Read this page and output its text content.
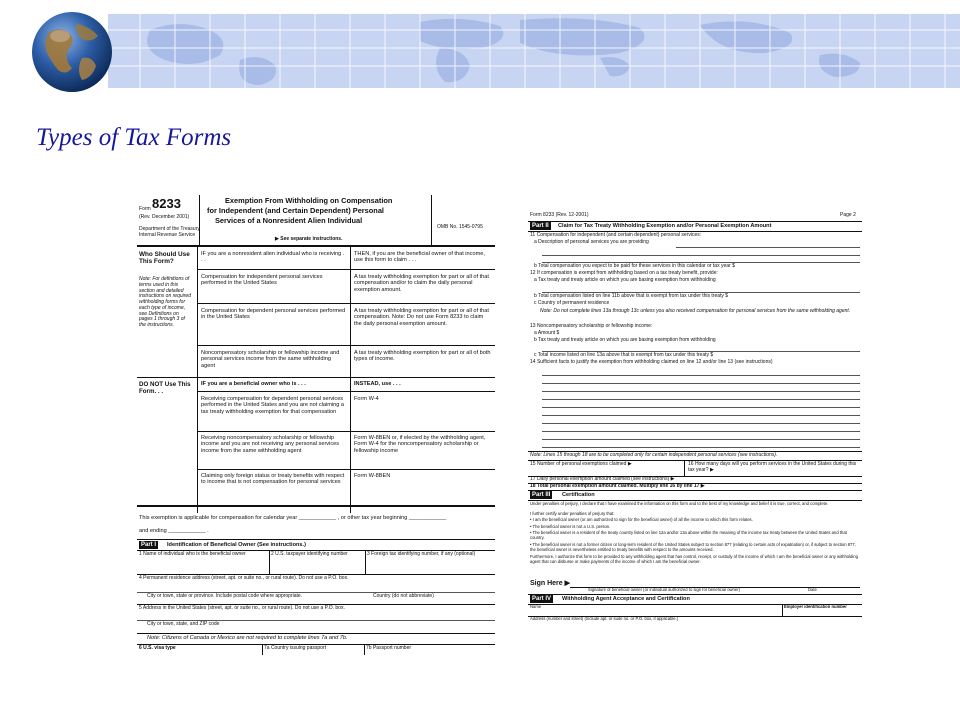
Types of Tax Forms
Form 8233
(Rev. December 2001)
Department of the Treasury
Internal Revenue Service
Exemption From Withholding on Compensation
for Independent (and Certain Dependent) Personal
Services of a Nonresident Alien Individual
▶ See separate instructions.
OMB No. 1545-0795
Who Should Use This Form?
Note: For definitions of terms used in this section and detailed instructions on required withholding forms for each type of income, see Definitions on pages 1 through 3 of the instructions.
IF you are a nonresident alien individual who is receiving . . .
THEN, if you are the beneficial owner of that income, use this form to claim . . .
Compensation for independent personal services performed in the United States
A tax treaty withholding exemption for part or all of that compensation and/or to claim the daily personal exemption amount.
Compensation for dependent personal services performed in the United States
A tax treaty withholding exemption for part or all of that compensation. Note: Do not use Form 8233 to claim the daily personal exemption amount.
Noncompensatory scholarship or fellowship income and personal services income from the same withholding agent
A tax treaty withholding exemption for part or all of both types of income.
DO NOT Use This Form. . .
IF you are a beneficial owner who is . . .	INSTEAD, use . . .
Receiving compensation for dependent personal services performed in the United States and you are not claiming a tax treaty withholding exemption for that compensation
Form W-4
Receiving noncompensatory scholarship or fellowship income and you are not receiving any personal services income from the same withholding agent
Form W-8BEN or, if elected by the withholding agent, Form W-4 for the noncompensatory scholarship or fellowship income
Claiming only foreign status or treaty benefits with respect to income that is not compensation for personal services
Form W-8BEN
This exemption is applicable for compensation for calendar year ____________ , or other tax year beginning ____________
and ending ____________ .
Part I	Identification of Beneficial Owner (See instructions.)
1 Name of individual who is the beneficial owner	2 U.S. taxpayer identifying number	3 Foreign tax identifying number, if any (optional)
4 Permanent residence address (street, apt. or suite no., or rural route). Do not use a P.O. box.
City or town, state or province. Include postal code where appropriate.	Country (do not abbreviate)
5 Address in the United States (street, apt. or suite no., or rural route). Do not use a P.O. box.
City or town, state, and ZIP code
Note: Citizens of Canada or Mexico are not required to complete lines 7a and 7b.
6 U.S. visa type	7a Country issuing passport	7b Passport number
Form 8233 (Rev. 12-2001)	Page 2
Part II	Claim for Tax Treaty Withholding Exemption and/or Personal Exemption Amount
11 Compensation for independent (and certain dependent) personal services:
a Description of personal services you are providing
b Total compensation you expect to be paid for these services in this calendar or tax year $
12 If compensation is exempt from withholding based on a tax treaty benefit, provide:
a Tax treaty and treaty article on which you are basing exemption from withholding
b Total compensation listed on line 11b above that is exempt from tax under this treaty $
c Country of permanent residence
Note: Do not complete lines 13a through 13c unless you also received compensation for personal services from the same withholding agent.
13 Noncompensatory scholarship or fellowship income:
a Amount $
b Tax treaty and treaty article on which you are basing exemption from withholding
c Total income listed on line 13a above that is exempt from tax under this treaty $
14 Sufficient facts to justify the exemption from withholding claimed on line 12 and/or line 13 (see instructions)
Note: Lines 15 through 18 are to be completed only for certain independent personal services (see instructions).
15 Number of personal exemptions claimed ▶	16 How many days will you perform services in the United States during this tax year? ▶
17 Daily personal exemption amount claimed (see instructions) ▶
18 Total personal exemption amount claimed. Multiply line 16 by line 17 ▶
Part III	Certification
Under penalties of perjury, I declare that I have examined the information on this form and to the best of my knowledge and belief it is true, correct, and complete.
I further certify under penalties of perjury that:
• I am the beneficial owner (or am authorized to sign for the beneficial owner) of all the income to which this form relates.
• The beneficial owner is not a U.S. person.
• The beneficial owner is a resident of the treaty country listed on line 12a and/or 13a above within the meaning of the income tax treaty between the United States and that country.
• The beneficial owner is not a former citizen or long-term resident of the United States subject to section 877 (relating to certain acts of expatriation) or, if subject to section 877, the beneficial owner is nevertheless entitled to treaty benefits with respect to the amounts received.
Furthermore, I authorize this form to be provided to any withholding agent that has control, receipt, or custody of the income of which I am the beneficial owner or any withholding agent that can disburse or make payments of the income of which I am the beneficial owner.
Sign Here ▶
Signature of beneficial owner (or individual authorized to sign for beneficial owner)	Date
Part IV	Withholding Agent Acceptance and Certification
Name	Employer identification number
Address (number and street) (Include apt. or suite no. or P.O. box, if applicable.)
